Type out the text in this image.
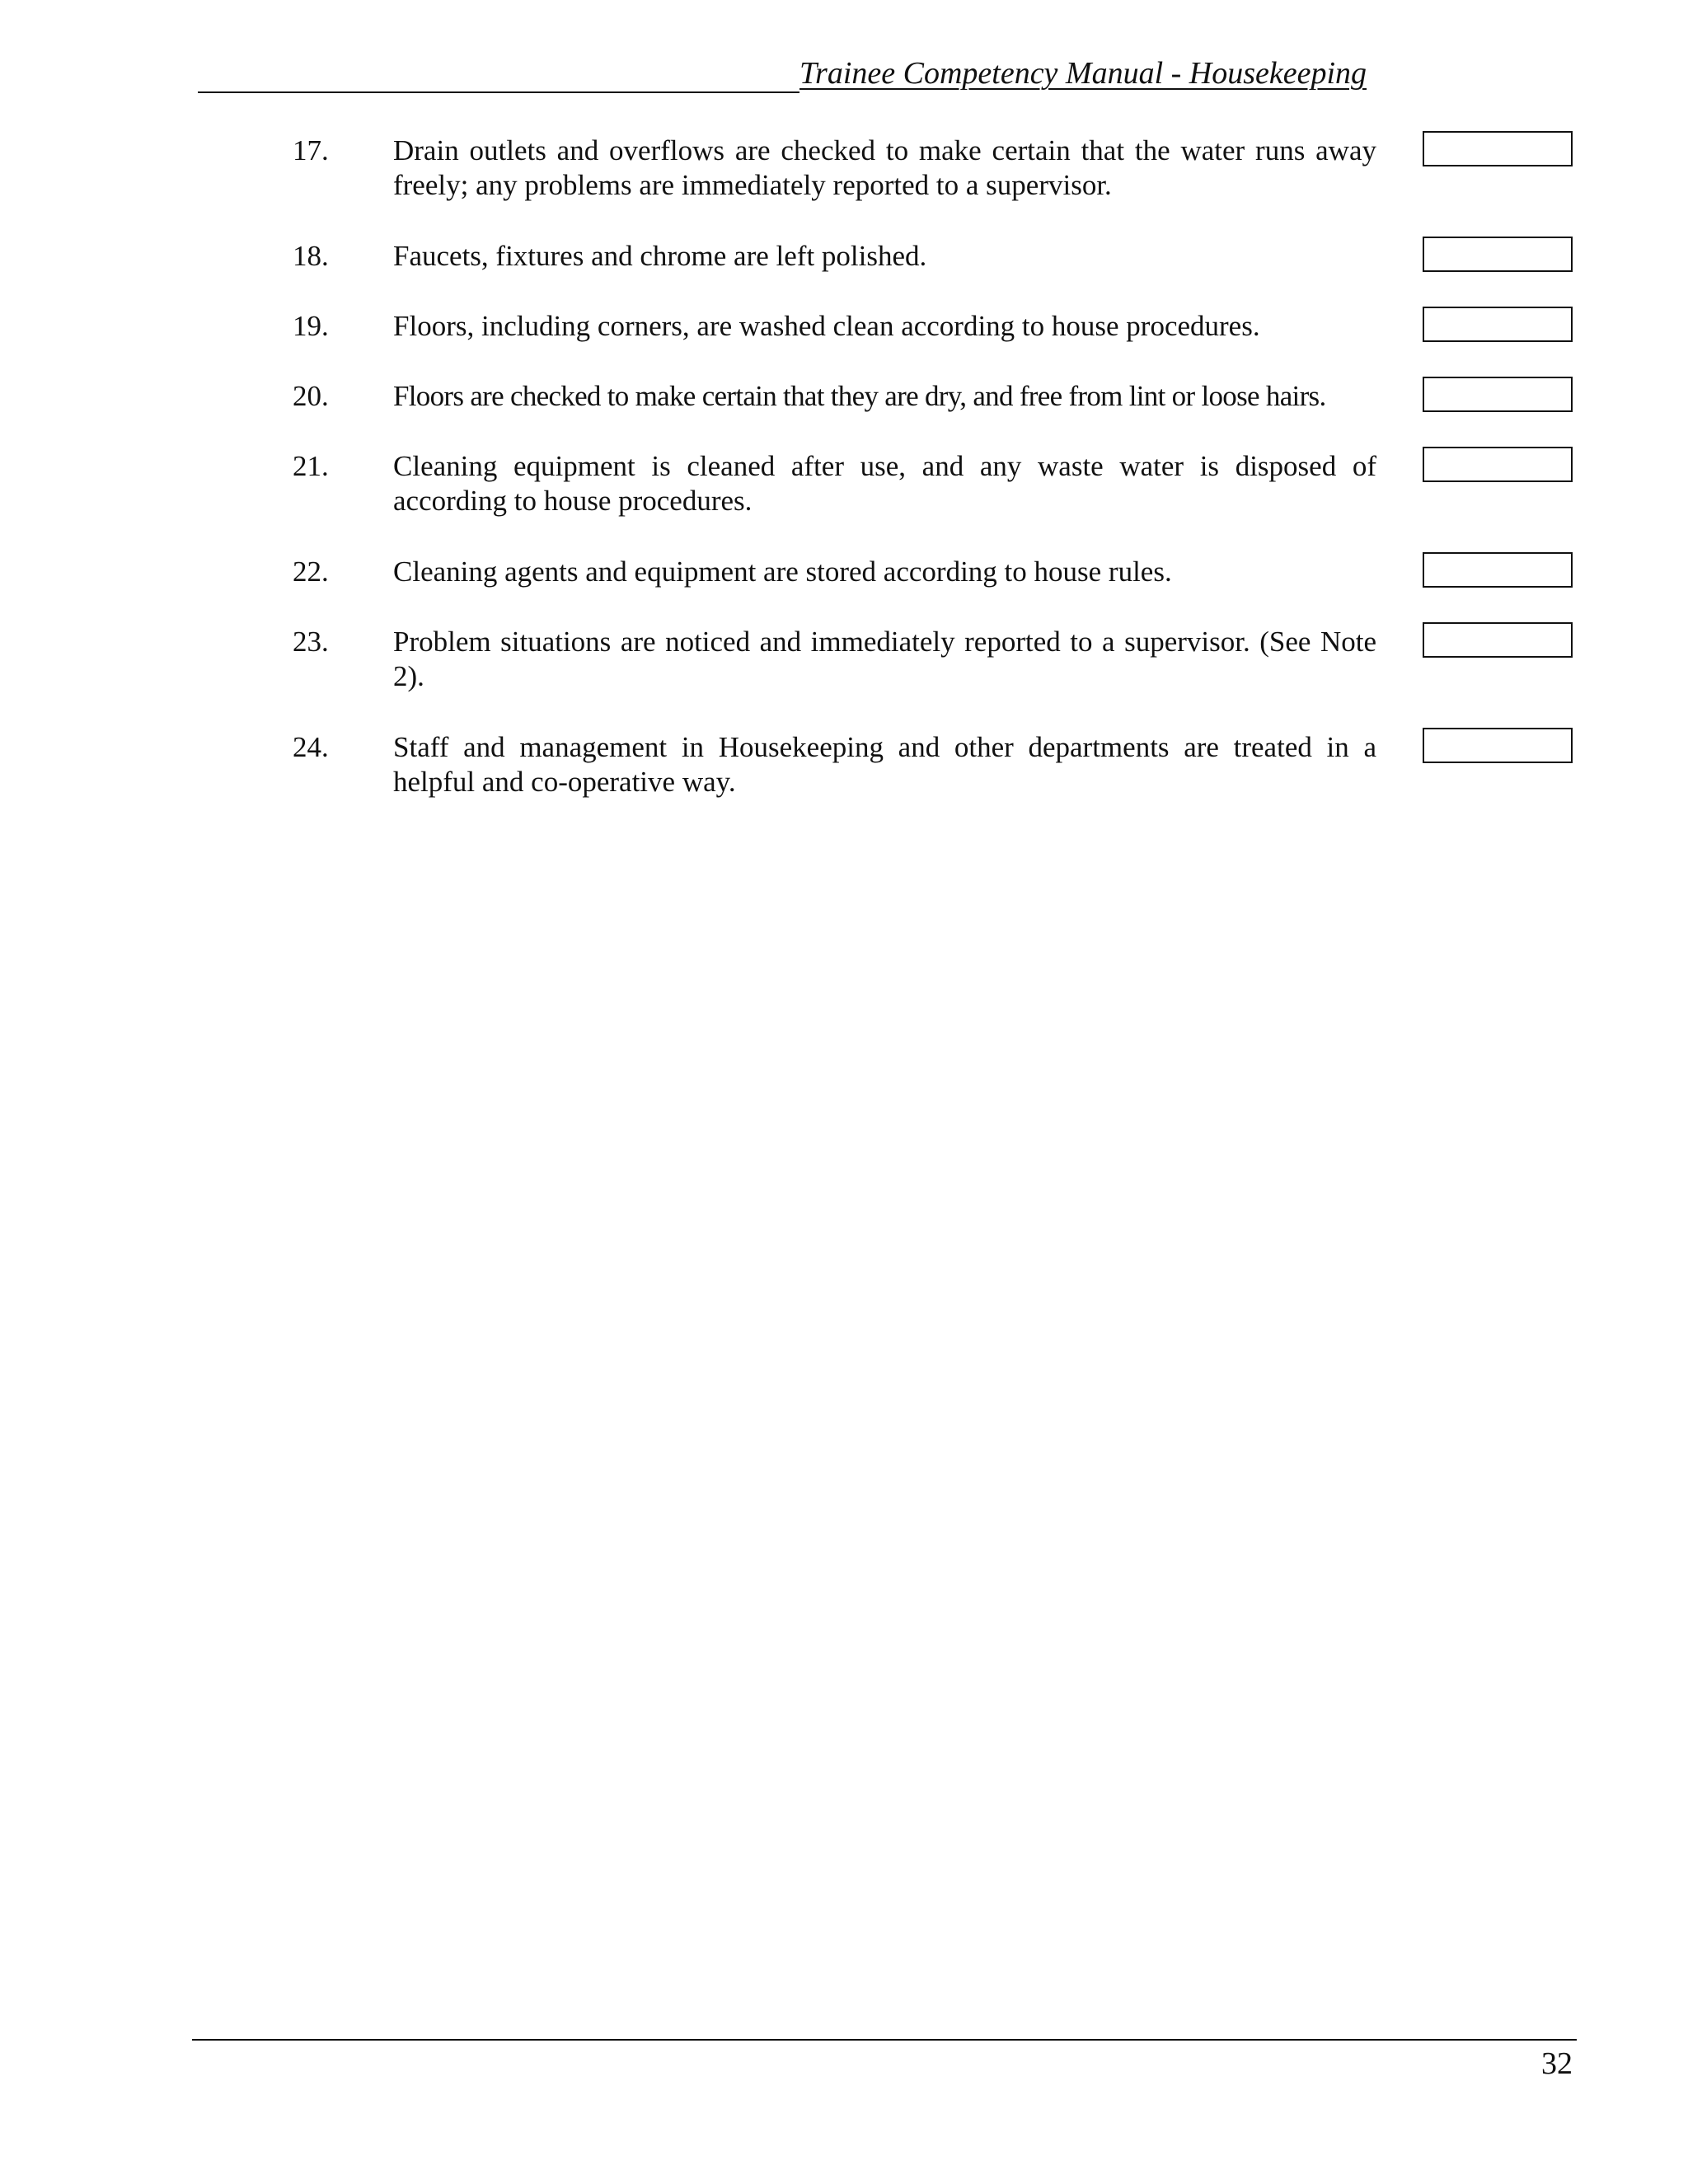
Trainee Competency Manual - Housekeeping
17. Drain outlets and overflows are checked to make certain that the water runs away freely; any problems are immediately reported to a supervisor.
18. Faucets, fixtures and chrome are left polished.
19. Floors, including corners, are washed clean according to house procedures.
20. Floors are checked to make certain that they are dry, and free from lint or loose hairs.
21. Cleaning equipment is cleaned after use, and any waste water is disposed of according to house procedures.
22. Cleaning agents and equipment are stored according to house rules.
23. Problem situations are noticed and immediately reported to a supervisor. (See Note 2).
24. Staff and management in Housekeeping and other departments are treated in a helpful and co-operative way.
32
